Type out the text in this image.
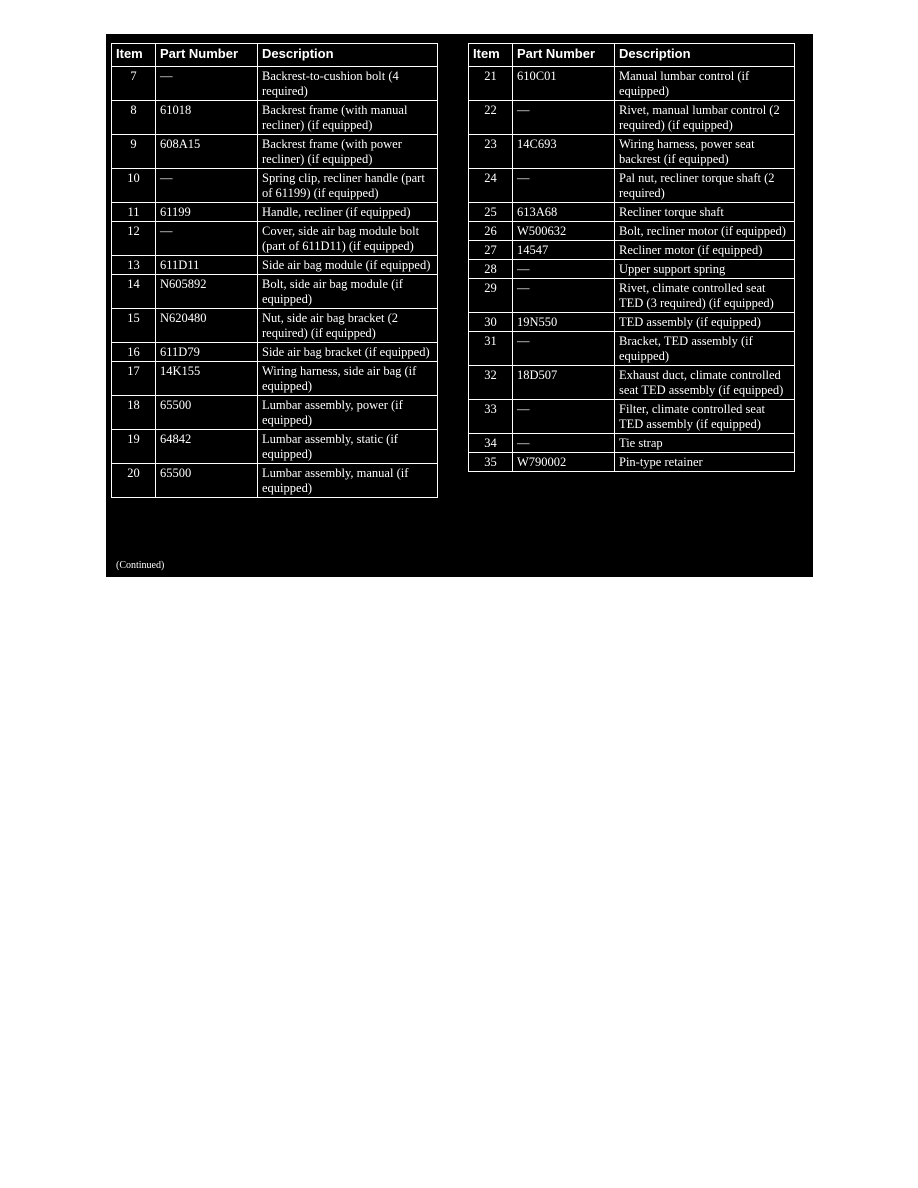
Item	Part Number	Description
7	—	Backrest-to-cushion bolt (4 required)
8	61018	Backrest frame (with manual recliner) (if equipped)
9	608A15	Backrest frame (with power recliner) (if equipped)
10	—	Spring clip, recliner handle (part of 61199) (if equipped)
11	61199	Handle, recliner (if equipped)
12	—	Cover, side air bag module bolt (part of 611D11) (if equipped)
13	611D11	Side air bag module (if equipped)
14	N605892	Bolt, side air bag module (if equipped)
15	N620480	Nut, side air bag bracket (2 required) (if equipped)
16	611D79	Side air bag bracket (if equipped)
17	14K155	Wiring harness, side air bag (if equipped)
18	65500	Lumbar assembly, power (if equipped)
19	64842	Lumbar assembly, static (if equipped)
20	65500	Lumbar assembly, manual (if equipped)
Item	Part Number	Description
21	610C01	Manual lumbar control (if equipped)
22	—	Rivet, manual lumbar control (2 required) (if equipped)
23	14C693	Wiring harness, power seat backrest (if equipped)
24	—	Pal nut, recliner torque shaft (2 required)
25	613A68	Recliner torque shaft
26	W500632	Bolt, recliner motor (if equipped)
27	14547	Recliner motor (if equipped)
28	—	Upper support spring
29	—	Rivet, climate controlled seat TED (3 required) (if equipped)
30	19N550	TED assembly (if equipped)
31	—	Bracket, TED assembly (if equipped)
32	18D507	Exhaust duct, climate controlled seat TED assembly (if equipped)
33	—	Filter, climate controlled seat TED assembly (if equipped)
34	—	Tie strap
35	W790002	Pin-type retainer
(Continued)
